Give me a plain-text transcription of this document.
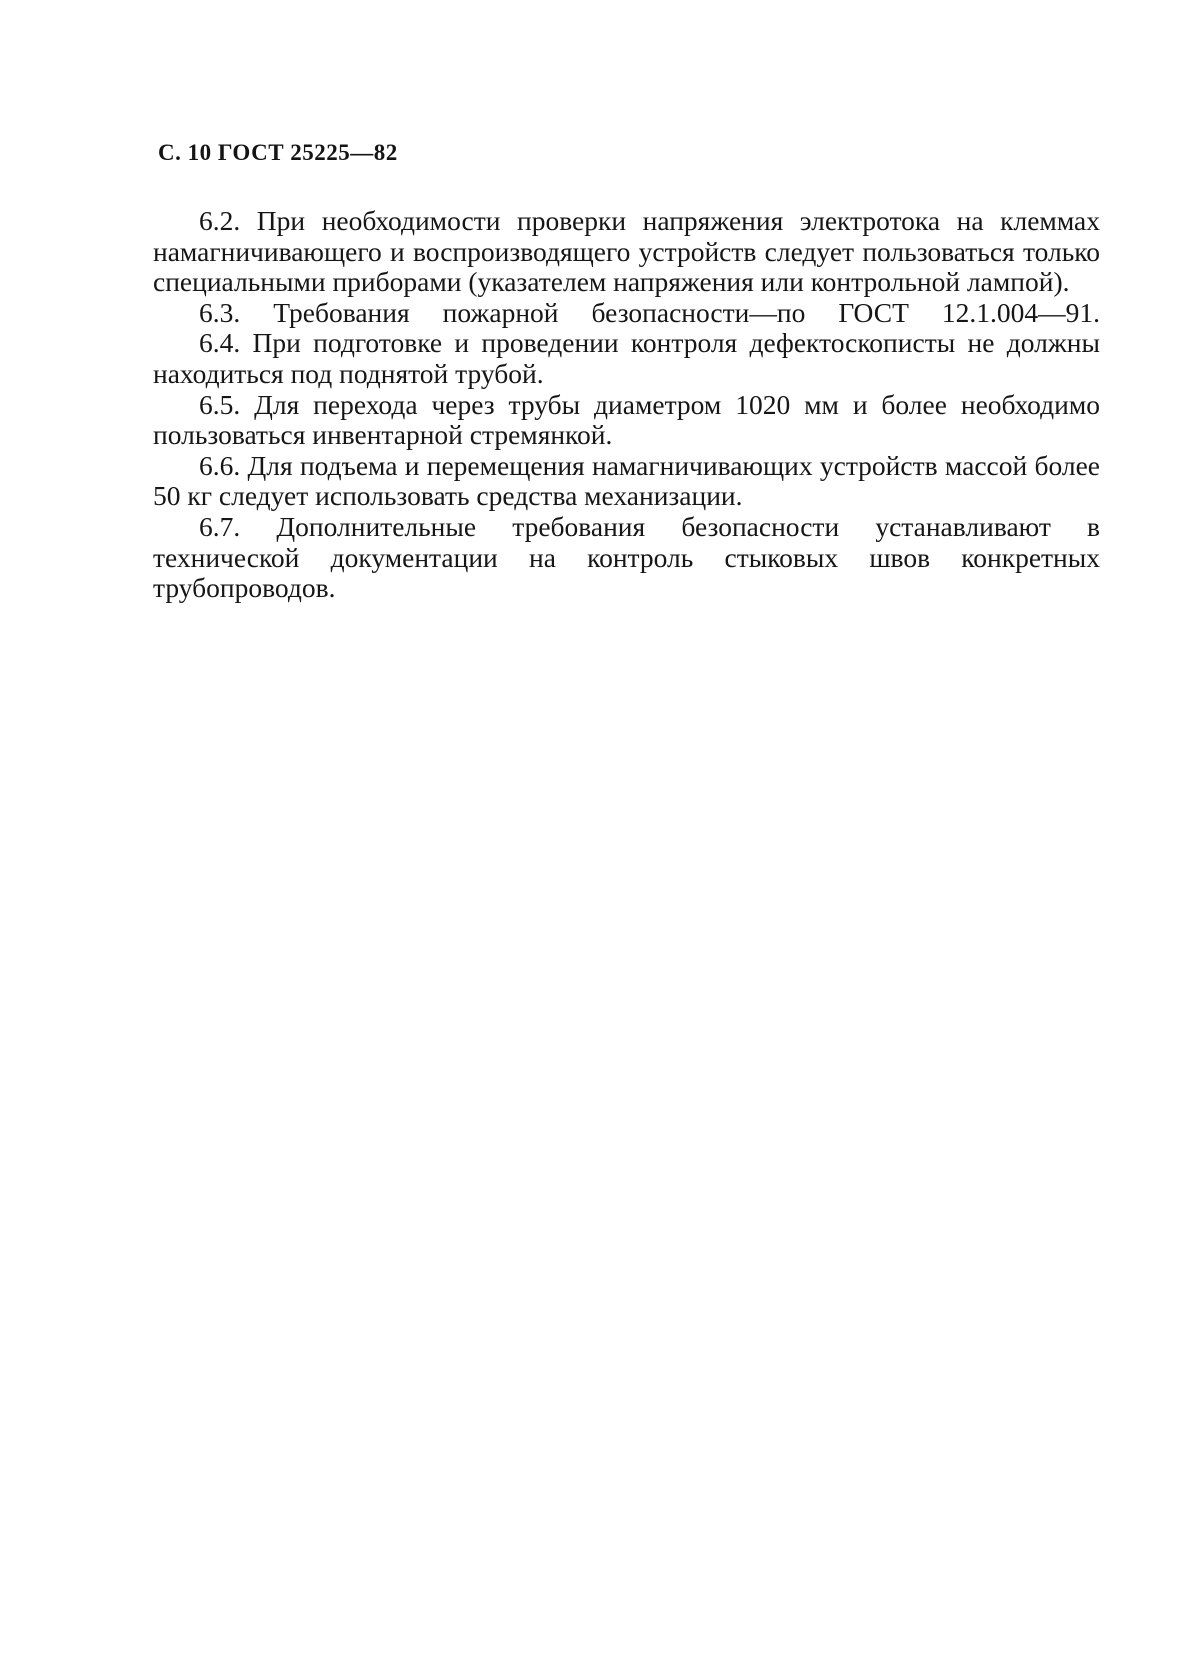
С. 10 ГОСТ 25225—82

6.2. При необходимости проверки напряжения электротока на клеммах намагничивающего и воспроизводящего устройств следует пользоваться только специальными приборами (указателем напряжения или контрольной лампой).

6.3. Требования пожарной безопасности—по ГОСТ 12.1.004—91.

6.4. При подготовке и проведении контроля дефектоскописты не должны находиться под поднятой трубой.

6.5. Для перехода через трубы диаметром 1020 мм и более необходимо пользоваться инвентарной стремянкой.

6.6. Для подъема и перемещения намагничивающих устройств массой более 50 кг следует использовать средства механизации.

6.7. Дополнительные требования безопасности устанавливают в технической документации на контроль стыковых швов конкретных трубопроводов.
